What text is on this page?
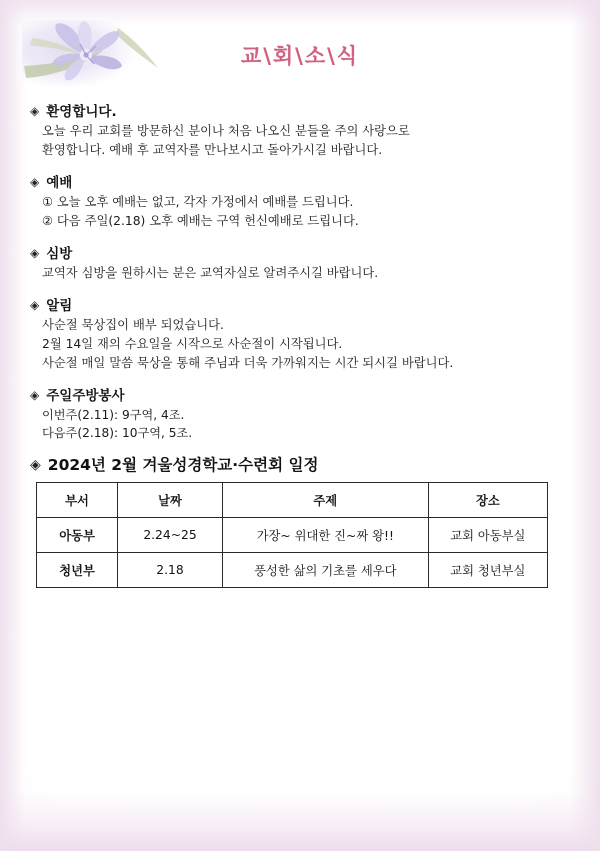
교\회\소\식
◈ 환영합니다.
오늘 우리 교회를 방문하신 분이나 처음 나오신 분들을 주의 사랑으로
환영합니다. 예배 후 교역자를 만나보시고 돌아가시길 바랍니다.
◈ 예배
① 오늘 오후 예배는 없고, 각자 가정에서 예배를 드립니다.
② 다음 주일(2.18) 오후 예배는 구역 헌신예배로 드립니다.
◈ 심방
교역자 심방을 원하시는 분은 교역자실로 알려주시길 바랍니다.
◈ 알림
사순절 묵상집이 배부 되었습니다.
2월 14일 재의 수요일을 시작으로 사순절이 시작됩니다.
사순절 매일 말씀 묵상을 통해 주님과 더욱 가까워지는 시간 되시길 바랍니다.
◈ 주일주방봉사
이번주(2.11): 9구역, 4조.
다음주(2.18): 10구역, 5조.
◈ 2024년 2월 겨울성경학교·수련회 일정
부서	날짜	주제	장소
아동부	2.24~25	가장~ 위대한 진~짜 왕!!	교회 아동부실
청년부	2.18	풍성한 삶의 기초를 세우다	교회 청년부실
